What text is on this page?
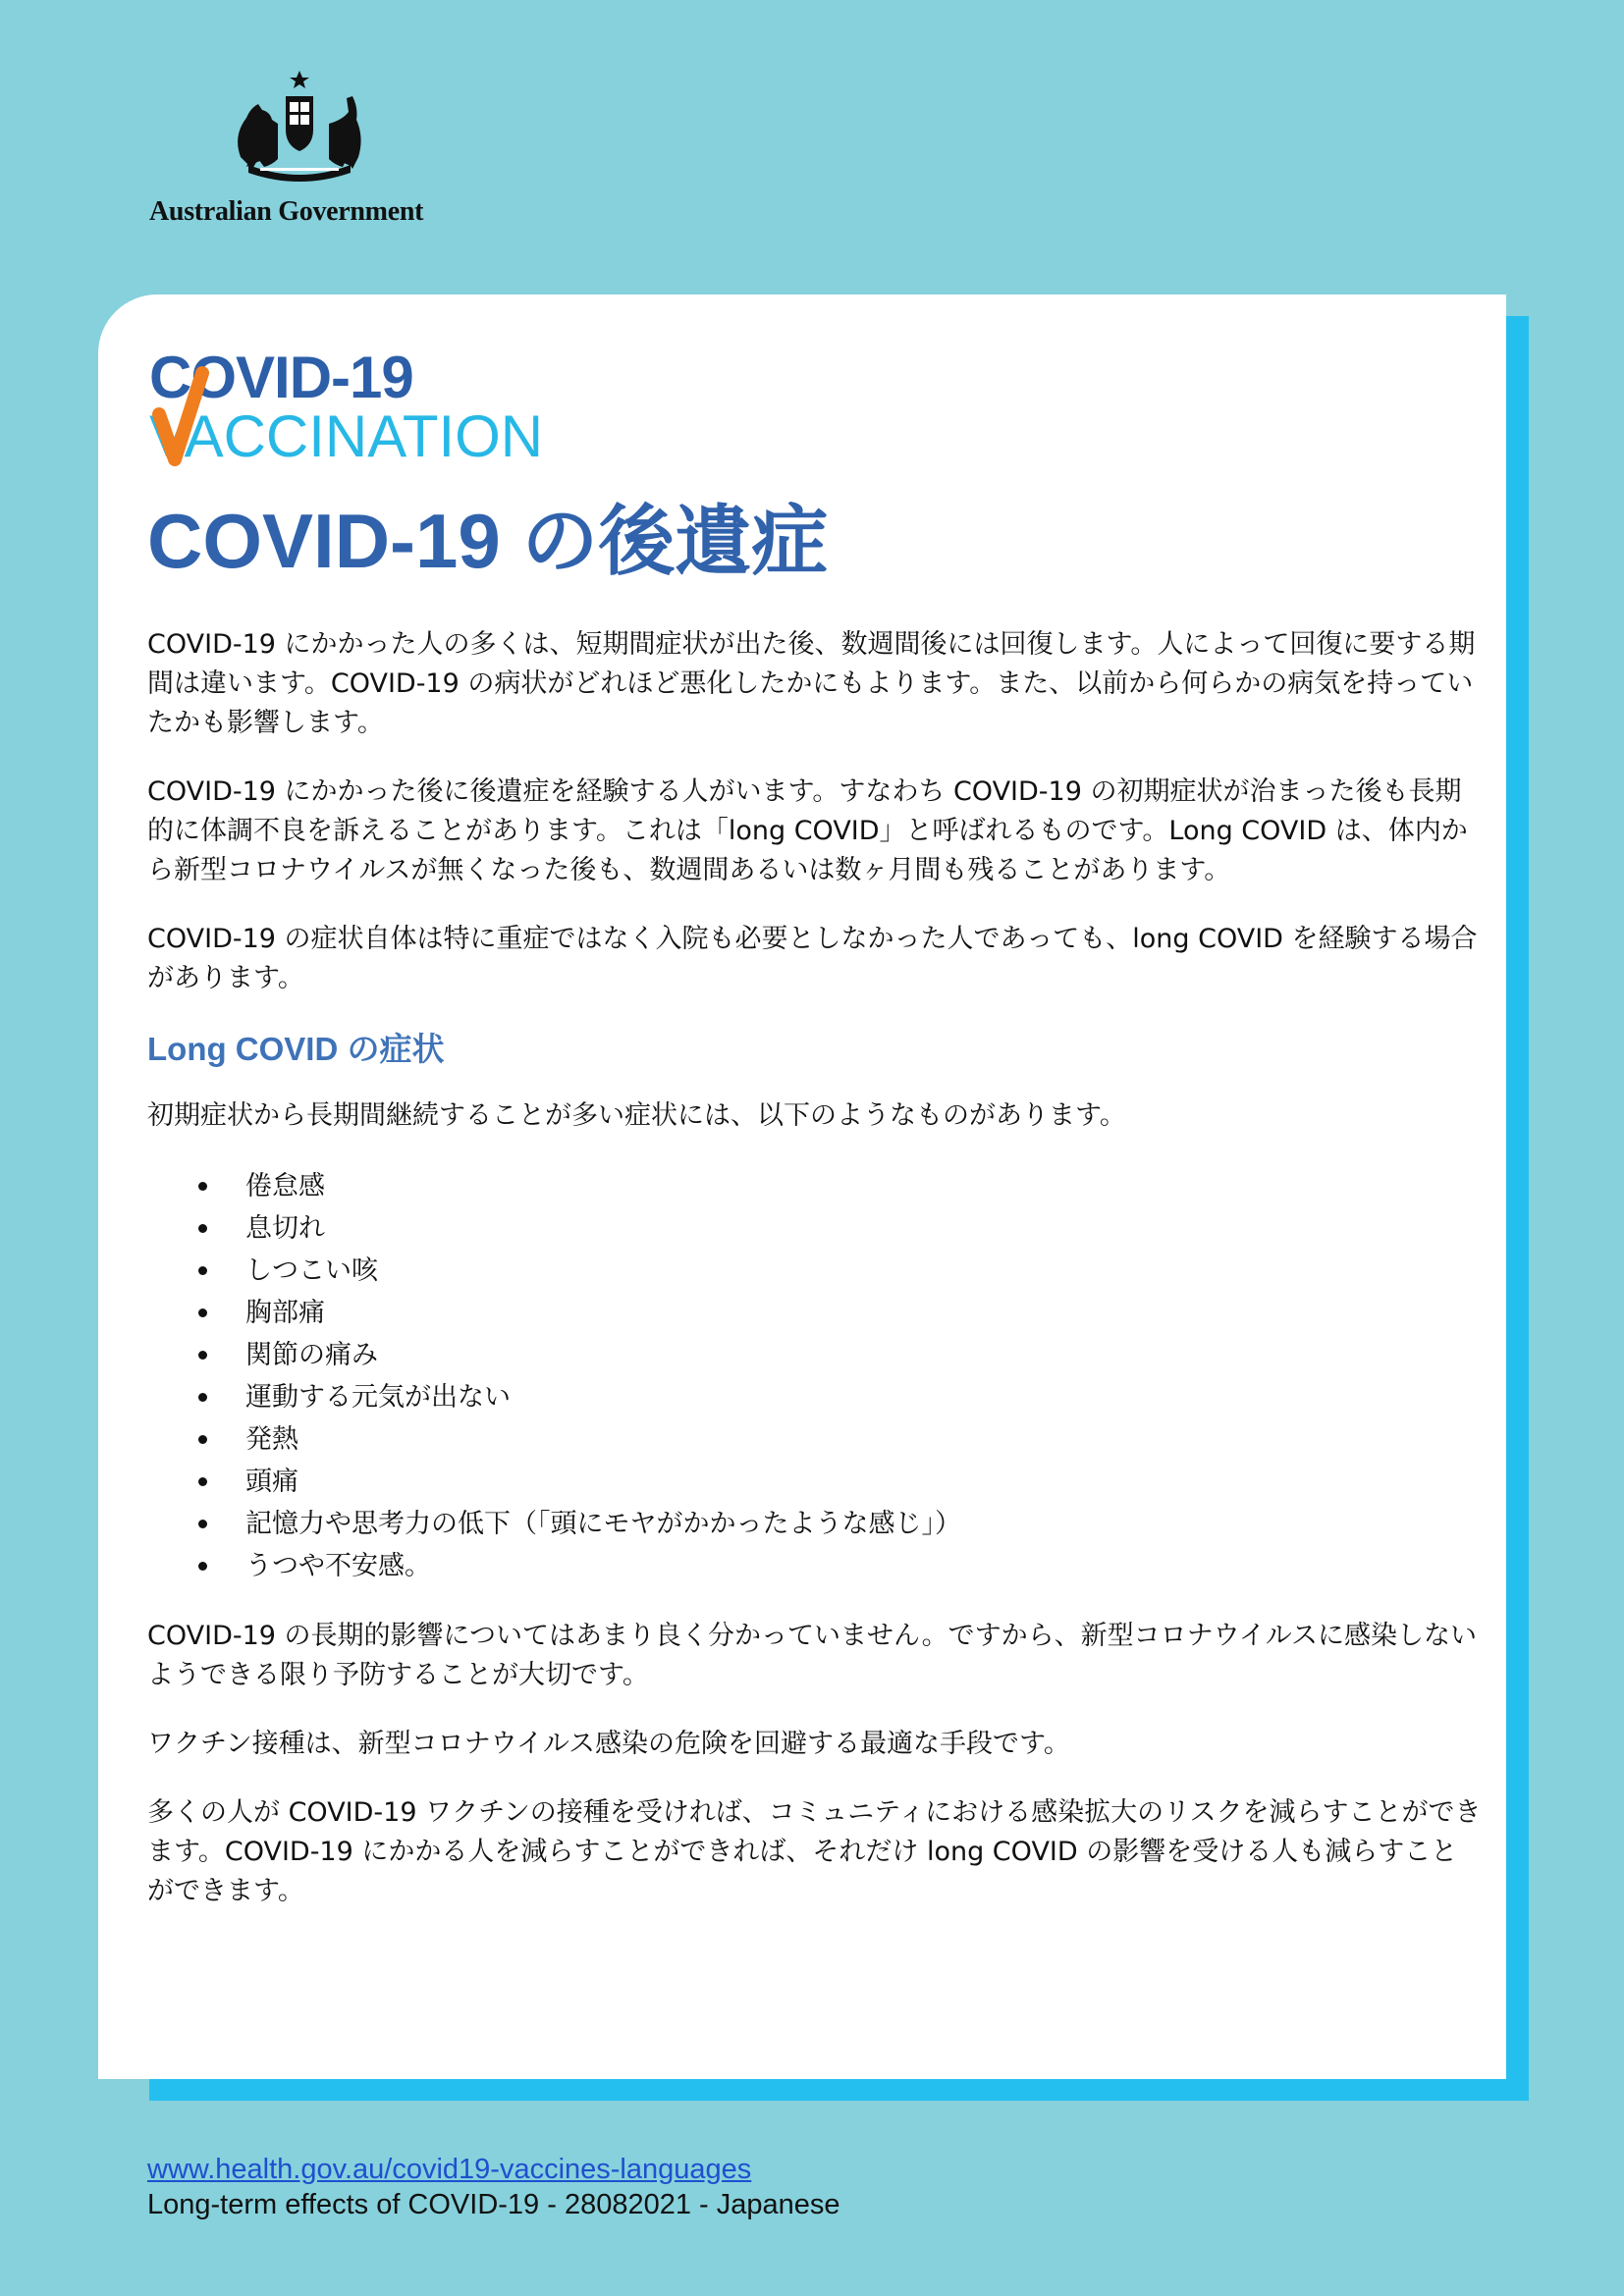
Australian Government
COVID-19
VACCINATION
COVID-19 の後遺症

COVID-19 にかかった人の多くは、短期間症状が出た後、数週間後には回復します。人によって回復に要する期間は違います。COVID-19 の病状がどれほど悪化したかにもよります。また、以前から何らかの病気を持っていたかも影響します。

COVID-19 にかかった後に後遺症を経験する人がいます。すなわち COVID-19 の初期症状が治まった後も長期的に体調不良を訴えることがあります。これは「long COVID」と呼ばれるものです。Long COVID は、体内から新型コロナウイルスが無くなった後も、数週間あるいは数ヶ月間も残ることがあります。

COVID-19 の症状自体は特に重症ではなく入院も必要としなかった人であっても、long COVID を経験する場合があります。

Long COVID の症状

初期症状から長期間継続することが多い症状には、以下のようなものがあります。

倦怠感
息切れ
しつこい咳
胸部痛
関節の痛み
運動する元気が出ない
発熱
頭痛
記憶力や思考力の低下（「頭にモヤがかかったような感じ」）
うつや不安感。

COVID-19 の長期的影響についてはあまり良く分かっていません。ですから、新型コロナウイルスに感染しないようできる限り予防することが大切です。

ワクチン接種は、新型コロナウイルス感染の危険を回避する最適な手段です。

多くの人が COVID-19 ワクチンの接種を受ければ、コミュニティにおける感染拡大のリスクを減らすことができます。COVID-19 にかかる人を減らすことができれば、それだけ long COVID の影響を受ける人も減らすことができます。

www.health.gov.au/covid19-vaccines-languages
Long-term effects of COVID-19 - 28082021 - Japanese
